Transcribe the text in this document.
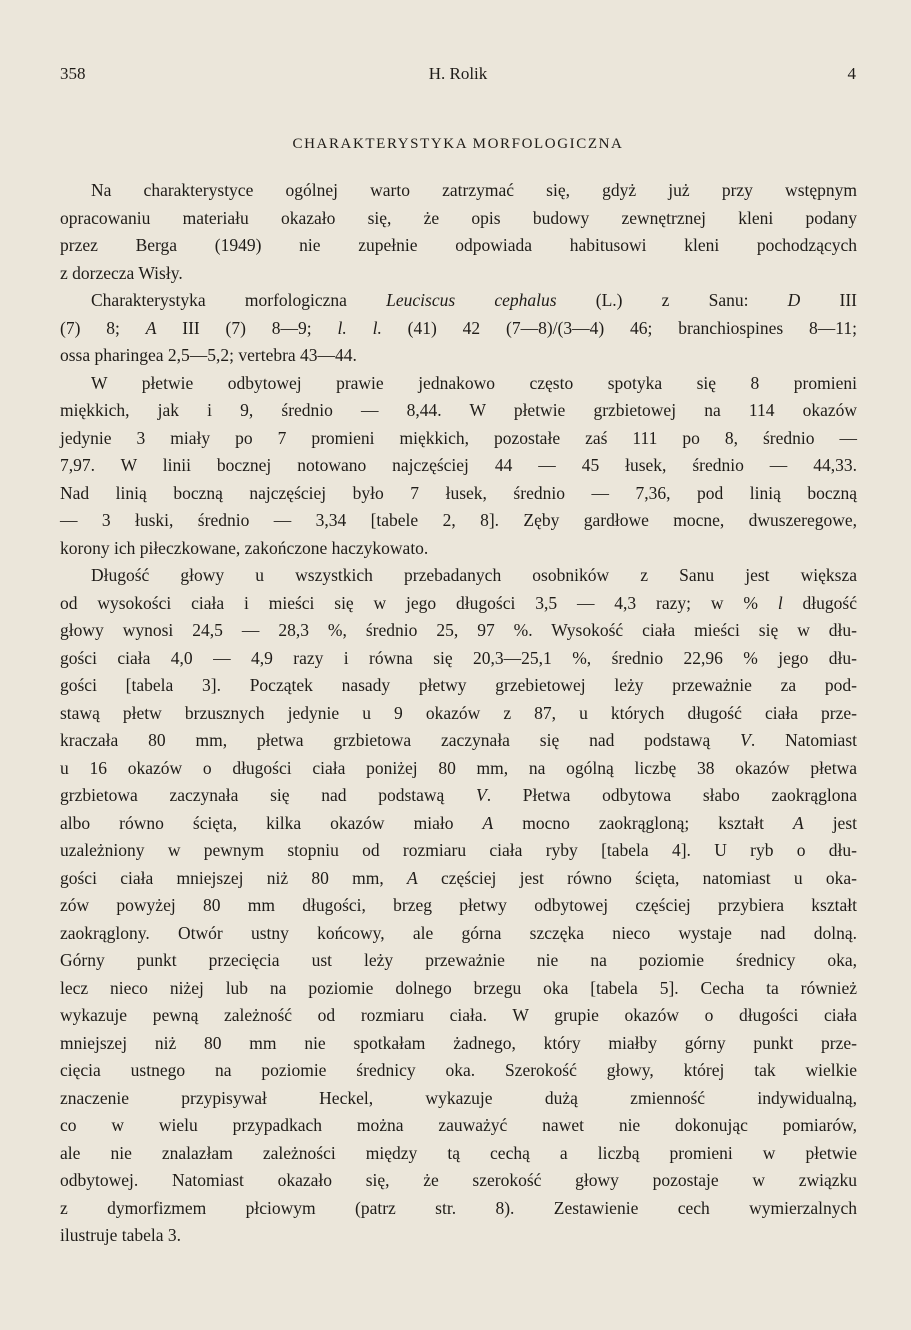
358	H. Rolik	4
CHARAKTERYSTYKA MORFOLOGICZNA
Na charakterystyce ogólnej warto zatrzymać się, gdyż już przy wstępnym
opracowaniu materiału okazało się, że opis budowy zewnętrznej kleni podany
przez Berga (1949) nie zupełnie odpowiada habitusowi kleni pochodzących
z dorzecza Wisły.
Charakterystyka morfologiczna Leuciscus cephalus (L.) z Sanu: D III
(7) 8; A III (7) 8—9; l. l. (41) 42 (7—8)/(3—4) 46; branchiospines 8—11;
ossa pharingea 2,5—5,2; vertebra 43—44.
W płetwie odbytowej prawie jednakowo często spotyka się 8 promieni
miękkich, jak i 9, średnio — 8,44. W płetwie grzbietowej na 114 okazów
jedynie 3 miały po 7 promieni miękkich, pozostałe zaś 111 po 8, średnio —
7,97. W linii bocznej notowano najczęściej 44 — 45 łusek, średnio — 44,33.
Nad linią boczną najczęściej było 7 łusek, średnio — 7,36, pod linią boczną
— 3 łuski, średnio — 3,34 [tabele 2, 8]. Zęby gardłowe mocne, dwuszeregowe,
korony ich piłeczkowane, zakończone haczykowato.
Długość głowy u wszystkich przebadanych osobników z Sanu jest większa
od wysokości ciała i mieści się w jego długości 3,5 — 4,3 razy; w % l długość
głowy wynosi 24,5 — 28,3 %, średnio 25, 97 %. Wysokość ciała mieści się w dłu-
gości ciała 4,0 — 4,9 razy i równa się 20,3—25,1 %, średnio 22,96 % jego dłu-
gości [tabela 3]. Początek nasady płetwy grzebietowej leży przeważnie za pod-
stawą płetw brzusznych jedynie u 9 okazów z 87, u których długość ciała prze-
kraczała 80 mm, płetwa grzbietowa zaczynała się nad podstawą V. Natomiast
u 16 okazów o długości ciała poniżej 80 mm, na ogólną liczbę 38 okazów płetwa
grzbietowa zaczynała się nad podstawą V. Płetwa odbytowa słabo zaokrąglona
albo równo ścięta, kilka okazów miało A mocno zaokrągloną; kształt A jest
uzależniony w pewnym stopniu od rozmiaru ciała ryby [tabela 4]. U ryb o dłu-
gości ciała mniejszej niż 80 mm, A częściej jest równo ścięta, natomiast u oka-
zów powyżej 80 mm długości, brzeg płetwy odbytowej częściej przybiera kształt
zaokrąglony. Otwór ustny końcowy, ale górna szczęka nieco wystaje nad dolną.
Górny punkt przecięcia ust leży przeważnie nie na poziomie średnicy oka,
lecz nieco niżej lub na poziomie dolnego brzegu oka [tabela 5]. Cecha ta również
wykazuje pewną zależność od rozmiaru ciała. W grupie okazów o długości ciała
mniejszej niż 80 mm nie spotkałam żadnego, który miałby górny punkt prze-
cięcia ustnego na poziomie średnicy oka. Szerokość głowy, której tak wielkie
znaczenie przypisywał Heckel, wykazuje dużą zmienność indywidualną,
co w wielu przypadkach można zauważyć nawet nie dokonując pomiarów,
ale nie znalazłam zależności między tą cechą a liczbą promieni w płetwie
odbytowej. Natomiast okazało się, że szerokość głowy pozostaje w związku
z dymorfizmem płciowym (patrz str. 8). Zestawienie cech wymierzalnych
ilustruje tabela 3.
